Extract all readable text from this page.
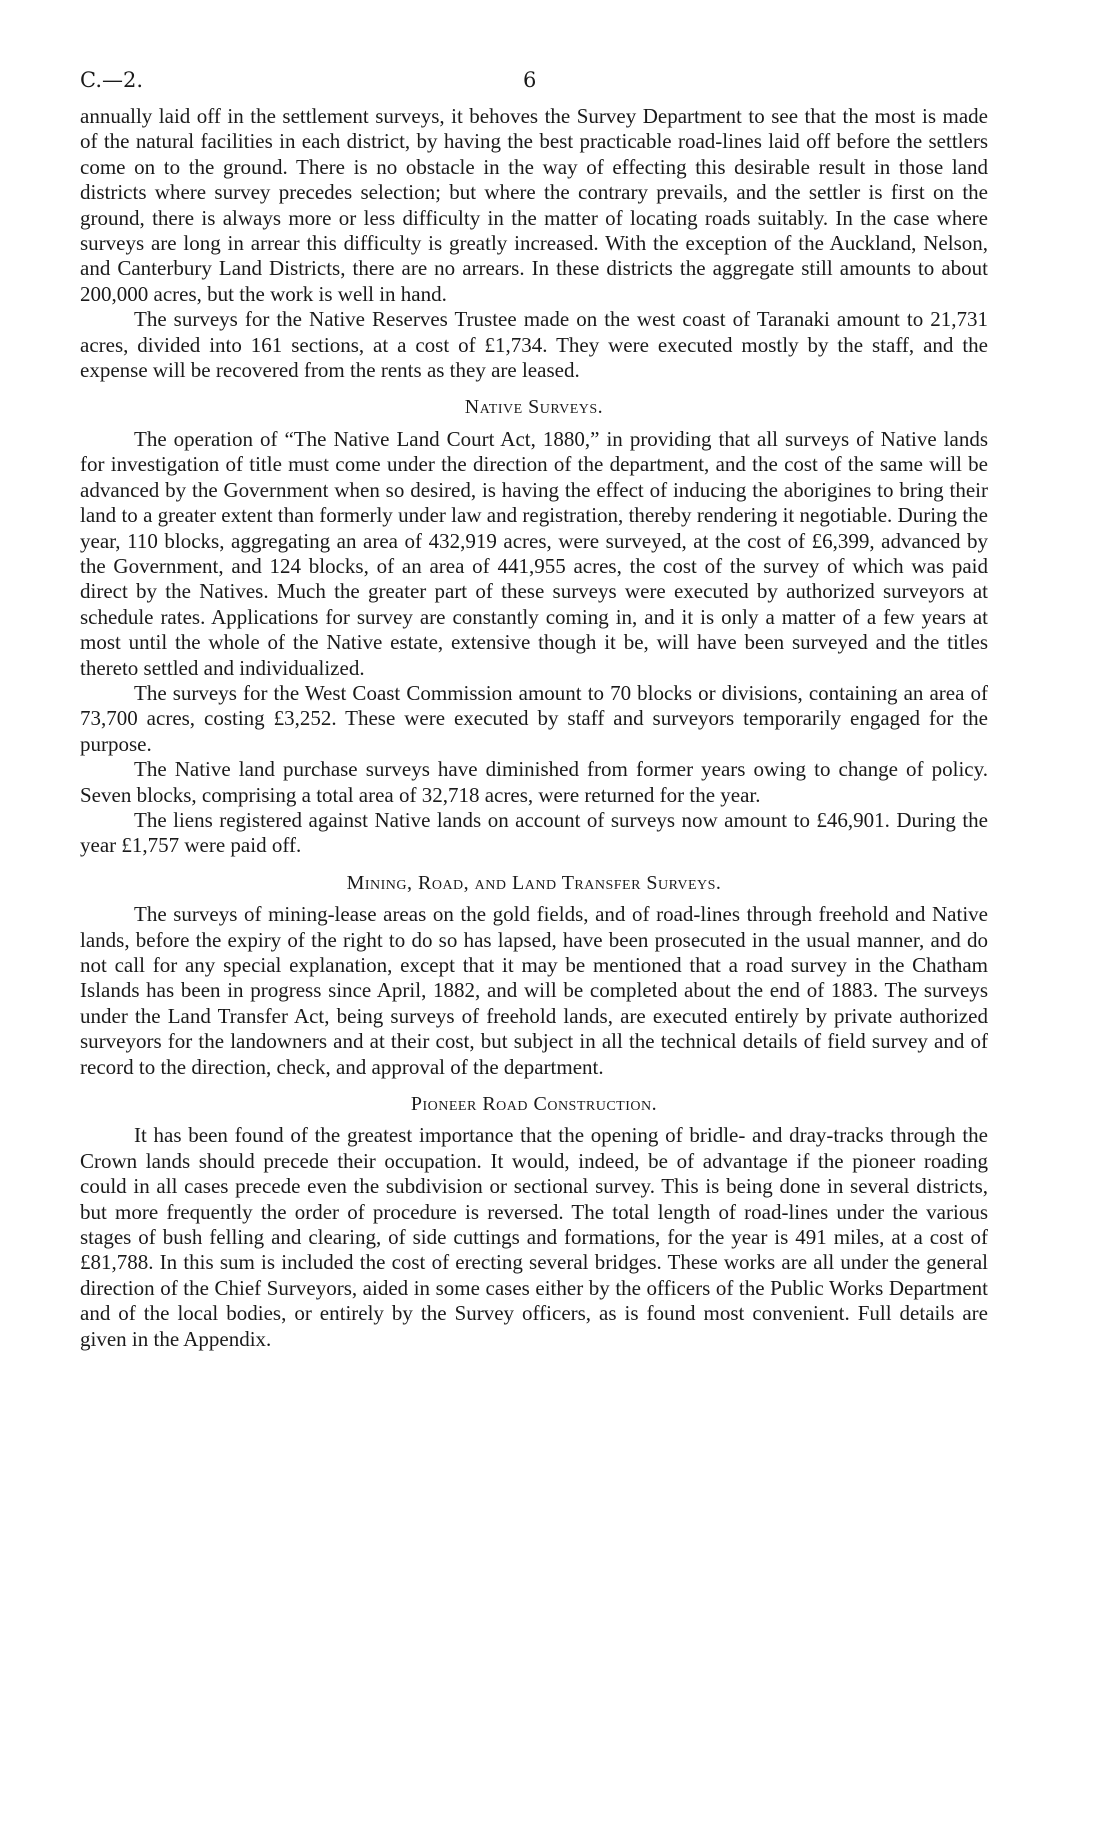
C.—2.	6

annually laid off in the settlement surveys, it behoves the Survey Department to see that the most is made of the natural facilities in each district, by having the best practicable road-lines laid off before the settlers come on to the ground. There is no obstacle in the way of effecting this desirable result in those land districts where survey precedes selection; but where the contrary prevails, and the settler is first on the ground, there is always more or less difficulty in the matter of locating roads suitably. In the case where surveys are long in arrear this difficulty is greatly increased. With the exception of the Auckland, Nelson, and Canterbury Land Districts, there are no arrears. In these districts the aggregate still amounts to about 200,000 acres, but the work is well in hand.

The surveys for the Native Reserves Trustee made on the west coast of Taranaki amount to 21,731 acres, divided into 161 sections, at a cost of £1,734. They were executed mostly by the staff, and the expense will be recovered from the rents as they are leased.

Native Surveys.

The operation of “The Native Land Court Act, 1880,” in providing that all surveys of Native lands for investigation of title must come under the direction of the department, and the cost of the same will be advanced by the Government when so desired, is having the effect of inducing the aborigines to bring their land to a greater extent than formerly under law and registration, thereby rendering it negotiable. During the year, 110 blocks, aggregating an area of 432,919 acres, were surveyed, at the cost of £6,399, advanced by the Government, and 124 blocks, of an area of 441,955 acres, the cost of the survey of which was paid direct by the Natives. Much the greater part of these surveys were executed by authorized surveyors at schedule rates. Applications for survey are constantly coming in, and it is only a matter of a few years at most until the whole of the Native estate, extensive though it be, will have been surveyed and the titles thereto settled and individualized.

The surveys for the West Coast Commission amount to 70 blocks or divisions, containing an area of 73,700 acres, costing £3,252. These were executed by staff and surveyors temporarily engaged for the purpose.

The Native land purchase surveys have diminished from former years owing to change of policy. Seven blocks, comprising a total area of 32,718 acres, were returned for the year.

The liens registered against Native lands on account of surveys now amount to £46,901. During the year £1,757 were paid off.

Mining, Road, and Land Transfer Surveys.

The surveys of mining-lease areas on the gold fields, and of road-lines through freehold and Native lands, before the expiry of the right to do so has lapsed, have been prosecuted in the usual manner, and do not call for any special explanation, except that it may be mentioned that a road survey in the Chatham Islands has been in progress since April, 1882, and will be completed about the end of 1883. The surveys under the Land Transfer Act, being surveys of freehold lands, are executed entirely by private authorized surveyors for the landowners and at their cost, but subject in all the technical details of field survey and of record to the direction, check, and approval of the department.

Pioneer Road Construction.

It has been found of the greatest importance that the opening of bridle- and dray-tracks through the Crown lands should precede their occupation. It would, indeed, be of advantage if the pioneer roading could in all cases precede even the subdivision or sectional survey. This is being done in several districts, but more frequently the order of procedure is reversed. The total length of road-lines under the various stages of bush felling and clearing, of side cuttings and formations, for the year is 491 miles, at a cost of £81,788. In this sum is included the cost of erecting several bridges. These works are all under the general direction of the Chief Surveyors, aided in some cases either by the officers of the Public Works Department and of the local bodies, or entirely by the Survey officers, as is found most convenient. Full details are given in the Appendix.
